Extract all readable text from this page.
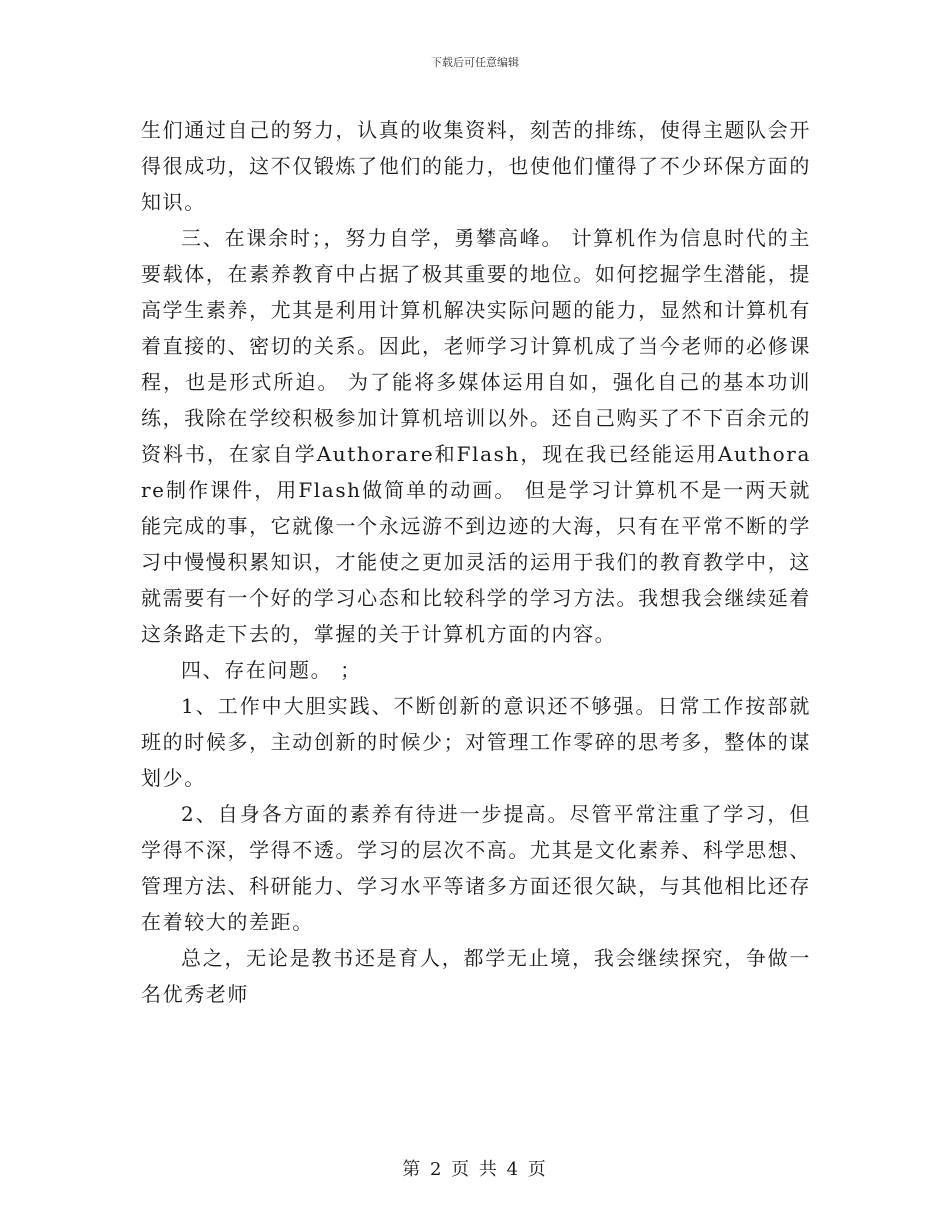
下载后可任意编辑

生们通过自己的努力，认真的收集资料，刻苦的排练，使得主题队会开得很成功，这不仅锻炼了他们的能力，也使他们懂得了不少环保方面的知识。

三、在课余时；，努力自学，勇攀高峰。 计算机作为信息时代的主要载体，在素养教育中占据了极其重要的地位。如何挖掘学生潜能，提高学生素养，尤其是利用计算机解决实际问题的能力，显然和计算机有着直接的、密切的关系。因此，老师学习计算机成了当今老师的必修课程，也是形式所迫。 为了能将多媒体运用自如，强化自己的基本功训练，我除在学绞积极参加计算机培训以外。还自己购买了不下百余元的资料书，在家自学Authorare和Flash，现在我已经能运用Authorare制作课件，用Flash做简单的动画。 但是学习计算机不是一两天就能完成的事，它就像一个永远游不到边迹的大海，只有在平常不断的学习中慢慢积累知识，才能使之更加灵活的运用于我们的教育教学中，这就需要有一个好的学习心态和比较科学的学习方法。我想我会继续延着这条路走下去的，掌握的关于计算机方面的内容。

四、存在问题。 ；

1、工作中大胆实践、不断创新的意识还不够强。日常工作按部就班的时候多，主动创新的时候少；对管理工作零碎的思考多，整体的谋划少。

2、自身各方面的素养有待进一步提高。尽管平常注重了学习，但学得不深，学得不透。学习的层次不高。尤其是文化素养、科学思想、管理方法、科研能力、学习水平等诸多方面还很欠缺，与其他相比还存在着较大的差距。

总之，无论是教书还是育人，都学无止境，我会继续探究，争做一名优秀老师

第 2 页 共 4 页
